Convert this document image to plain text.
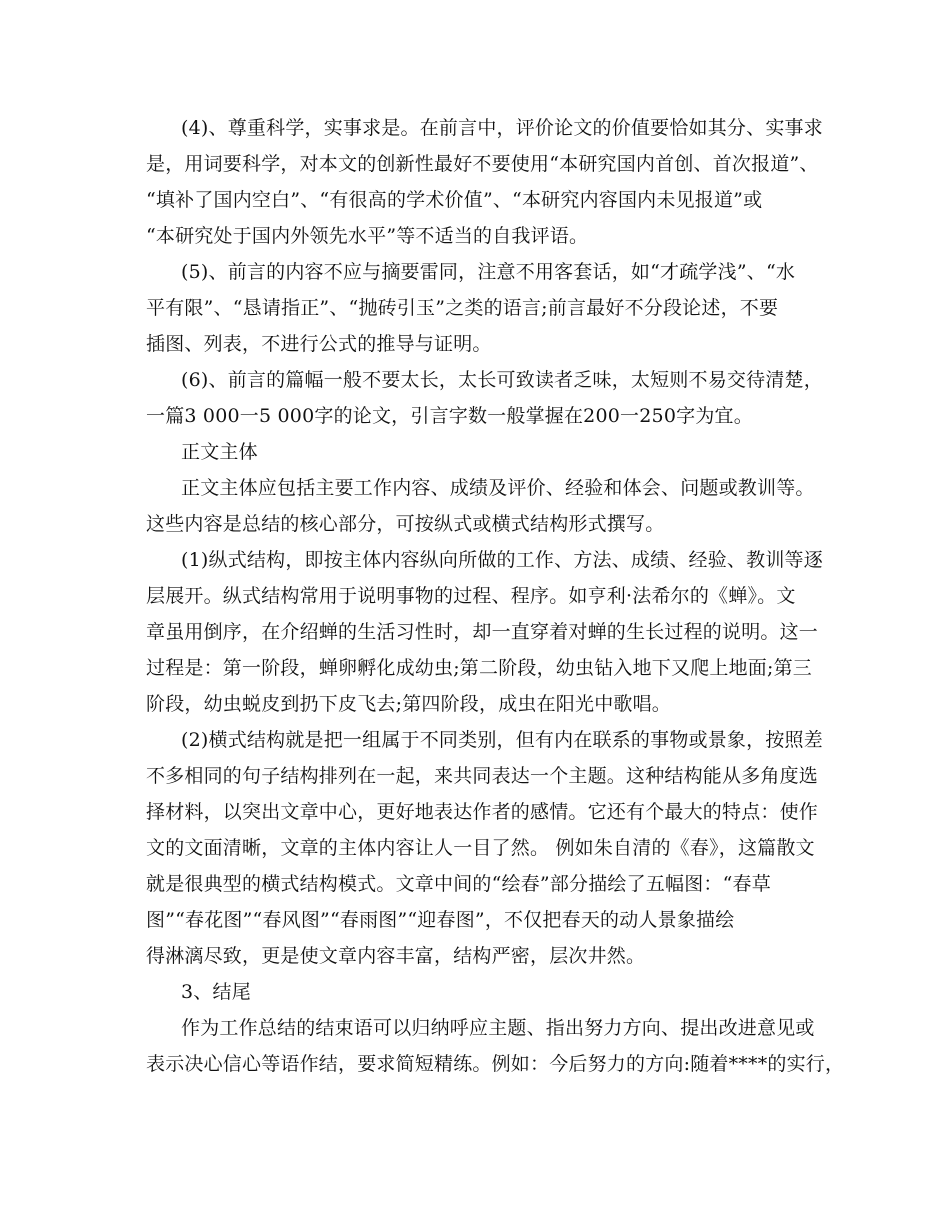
(4)、尊重科学，实事求是。在前言中，评价论文的价值要恰如其分、实事求
是，用词要科学，对本文的创新性最好不要使用“本研究国内首创、首次报道”、
“填补了国内空白”、“有很高的学术价值”、“本研究内容国内未见报道”或
“本研究处于国内外领先水平”等不适当的自我评语。

(5)、前言的内容不应与摘要雷同，注意不用客套话，如“才疏学浅”、“水
平有限”、“恳请指正”、“抛砖引玉”之类的语言;前言最好不分段论述，不要
插图、列表，不进行公式的推导与证明。

(6)、前言的篇幅一般不要太长，太长可致读者乏味，太短则不易交待清楚，
一篇3 000一5 000字的论文，引言字数一般掌握在200一250字为宜。

正文主体

正文主体应包括主要工作内容、成绩及评价、经验和体会、问题或教训等。
这些内容是总结的核心部分，可按纵式或横式结构形式撰写。

(1)纵式结构，即按主体内容纵向所做的工作、方法、成绩、经验、教训等逐
层展开。纵式结构常用于说明事物的过程、程序。如亨利·法希尔的《蝉》。文
章虽用倒序，在介绍蝉的生活习性时，却一直穿着对蝉的生长过程的说明。这一
过程是：第一阶段，蝉卵孵化成幼虫;第二阶段，幼虫钻入地下又爬上地面;第三
阶段，幼虫蜕皮到扔下皮飞去;第四阶段，成虫在阳光中歌唱。

(2)横式结构就是把一组属于不同类别，但有内在联系的事物或景象，按照差
不多相同的句子结构排列在一起，来共同表达一个主题。这种结构能从多角度选
择材料，以突出文章中心，更好地表达作者的感情。它还有个最大的特点：使作
文的文面清晰，文章的主体内容让人一目了然。 例如朱自清的《春》，这篇散文
就是很典型的横式结构模式。文章中间的“绘春”部分描绘了五幅图：“春草
图”“春花图”“春风图”“春雨图”“迎春图”，不仅把春天的动人景象描绘
得淋漓尽致，更是使文章内容丰富，结构严密，层次井然。

3、结尾

作为工作总结的结束语可以归纳呼应主题、指出努力方向、提出改进意见或
表示决心信心等语作结，要求简短精练。例如：今后努力的方向:随着****的实行，
